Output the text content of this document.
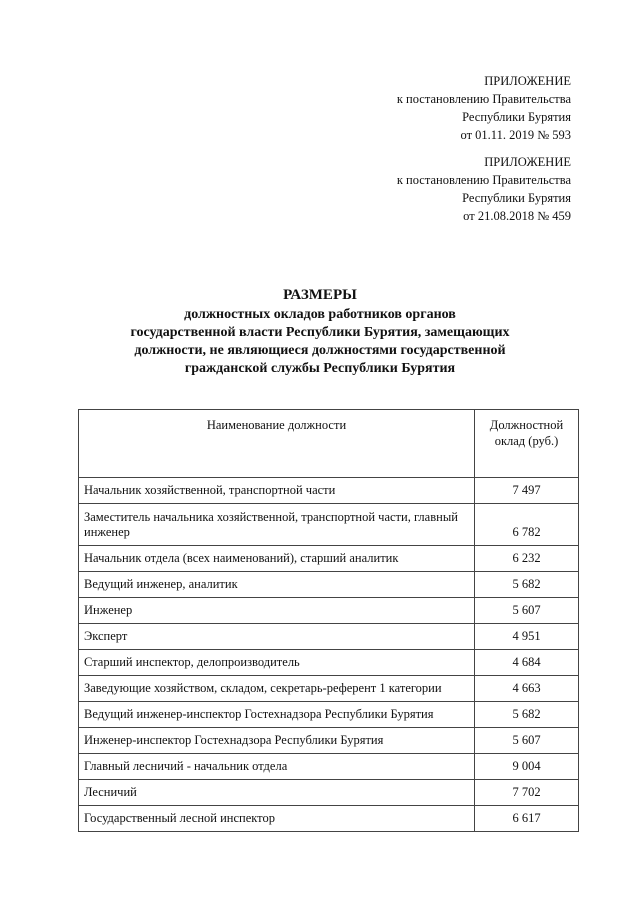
ПРИЛОЖЕНИЕ
к постановлению Правительства
Республики Бурятия
от 01.11. 2019 № 593
ПРИЛОЖЕНИЕ
к постановлению Правительства
Республики Бурятия
от 21.08.2018 № 459
РАЗМЕРЫ
должностных окладов работников органов
государственной власти Республики Бурятия, замещающих
должности, не являющиеся должностями государственной
гражданской службы Республики Бурятия
Наименование должности	Должностной оклад (руб.)
Начальник хозяйственной, транспортной части	7 497
Заместитель начальника хозяйственной, транспортной части, главный инженер	6 782
Начальник отдела (всех наименований), старший аналитик	6 232
Ведущий инженер, аналитик	5 682
Инженер	5 607
Эксперт	4 951
Старший инспектор, делопроизводитель	4 684
Заведующие хозяйством, складом, секретарь-референт 1 категории	4 663
Ведущий инженер-инспектор Гостехнадзора Республики Бурятия	5 682
Инженер-инспектор Гостехнадзора Республики Бурятия	5 607
Главный лесничий - начальник отдела	9 004
Лесничий	7 702
Государственный лесной инспектор	6 617
